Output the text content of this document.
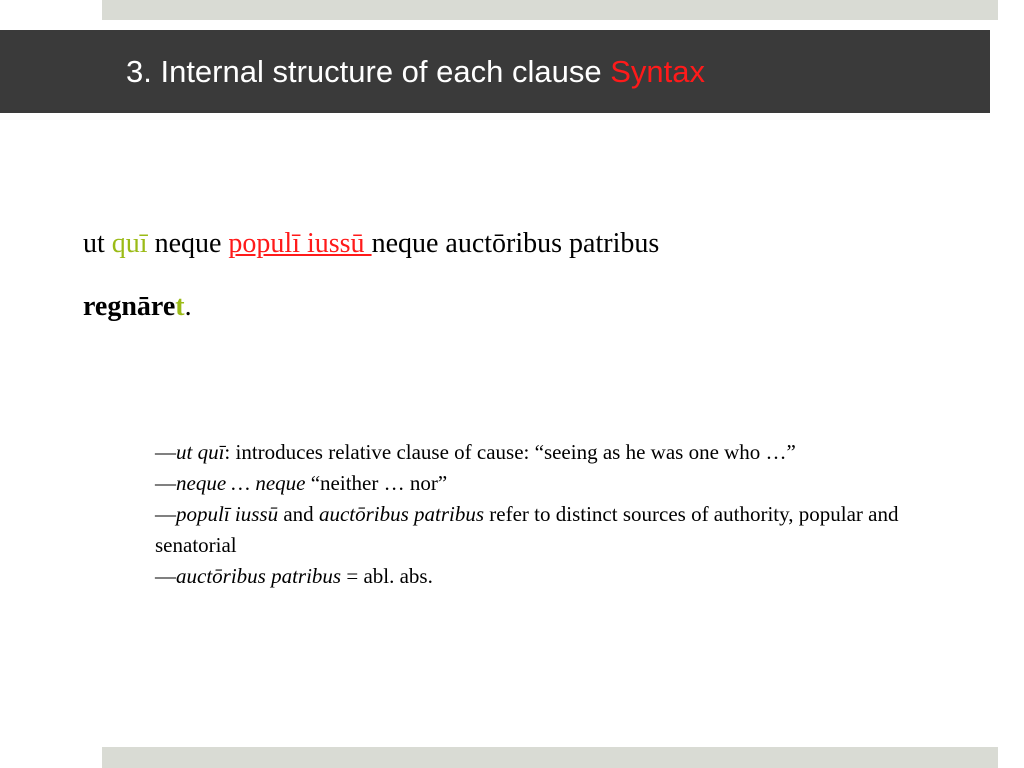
3. Internal structure of each clause Syntax

ut quī neque populī iussū neque auctōribus patribus
regnāret.

—ut quī: introduces relative clause of cause: “seeing as he was one who …”

—neque … neque “neither … nor”

—populī iussū and auctōribus patribus refer to distinct sources of authority, popular and senatorial

—auctōribus patribus = abl. abs.
